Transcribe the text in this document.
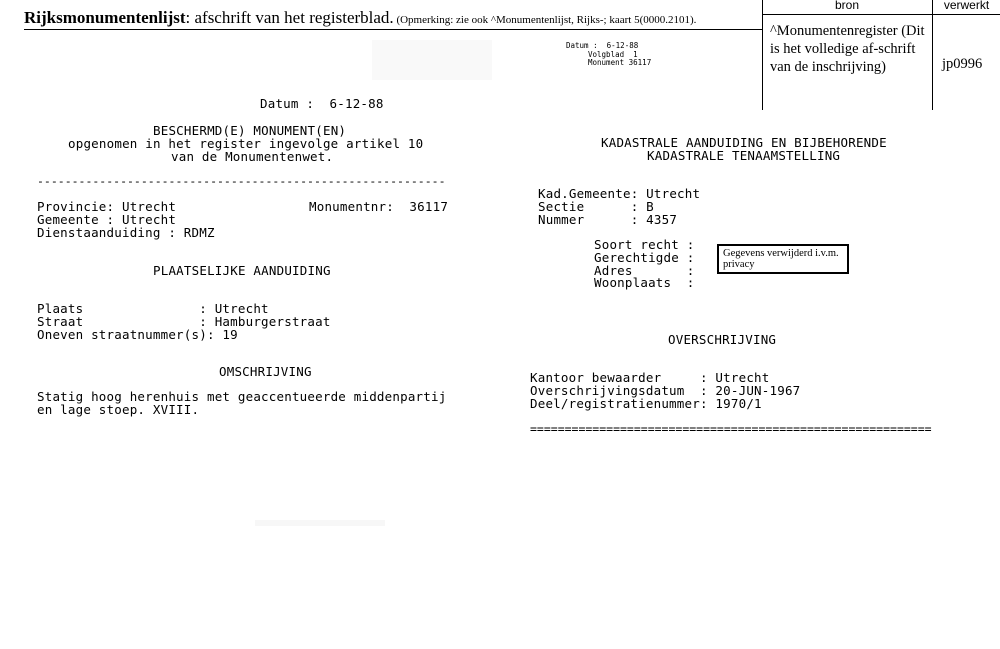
Rijksmonumentenlijst: afschrift van het registerblad. (Opmerking: zie ook ^Monumentenlijst, Rijks-; kaart 5(0000.2101).
bron	verwerkt
^Monumentenregister (Dit is het volledige af-schrift van de inschrijving)	jp0996
Datum :  6-12-88
Volgblad  1
Monument 36117
Datum :  6-12-88
BESCHERMD(E) MONUMENT(EN)
opgenomen in het register ingevolge artikel 10
van de Monumentenwet.
-----------------------------------------------------------
Provincie: Utrecht	Monumentnr:  36117
Gemeente : Utrecht
Dienstaanduiding : RDMZ
PLAATSELIJKE AANDUIDING
Plaats               : Utrecht
Straat               : Hamburgerstraat
Oneven straatnummer(s): 19
OMSCHRIJVING
Statig hoog herenhuis met geaccentueerde middenpartij
en lage stoep. XVIII.
KADASTRALE AANDUIDING EN BIJBEHORENDE
KADASTRALE TENAAMSTELLING
Kad.Gemeente: Utrecht
Sectie      : B
Nummer      : 4357
Soort recht :
Gerechtigde :
Adres       :
Woonplaats  :
Gegevens verwijderd i.v.m. privacy
OVERSCHRIJVING
Kantoor bewaarder     : Utrecht
Overschrijvingsdatum  : 20-JUN-1967
Deel/registratienummer: 1970/1
==========================================================
